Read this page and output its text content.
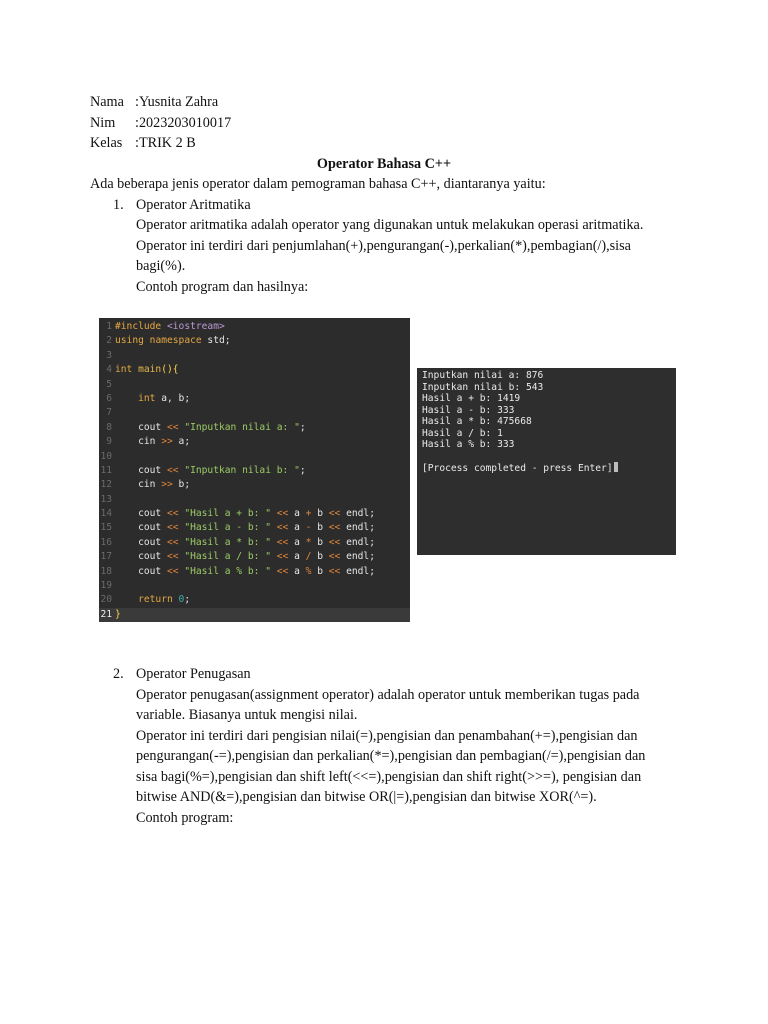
Nama :Yusnita Zahra
Nim :2023203010017
Kelas :TRIK 2 B
Operator Bahasa C++
Ada beberapa jenis operator dalam pemograman bahasa C++, diantaranya yaitu:
1. Operator Aritmatika
Operator aritmatika adalah operator yang digunakan untuk melakukan operasi aritmatika.
Operator ini terdiri dari penjumlahan(+),pengurangan(-),perkalian(*),pembagian(/),sisa
bagi(%).
Contoh program dan hasilnya:
1 #include <iostream>
2 using namespace std;
3
4 int main(){
5
6	int a, b;
7
8    cout << "Inputkan nilai a: ";
9    cin >> a;
10
11    cout << "Inputkan nilai b: ";
12    cin >> b;
13
14    cout << "Hasil a + b: " << a + b << endl;
15    cout << "Hasil a - b: " << a - b << endl;
16    cout << "Hasil a * b: " << a * b << endl;
17    cout << "Hasil a / b: " << a / b << endl;
18    cout << "Hasil a % b: " << a % b << endl;
19
20	return 0;
21 }
Inputkan nilai a: 876
Inputkan nilai b: 543
Hasil a + b: 1419
Hasil a - b: 333
Hasil a * b: 475668
Hasil a / b: 1
Hasil a % b: 333
[Process completed - press Enter]
2. Operator Penugasan
Operator penugasan(assignment operator) adalah operator untuk memberikan tugas pada
variable. Biasanya untuk mengisi nilai.
Operator ini terdiri dari pengisian nilai(=),pengisian dan penambahan(+=),pengisian dan
pengurangan(-=),pengisian dan perkalian(*=),pengisian dan pembagian(/=),pengisian dan
sisa bagi(%=),pengisian dan shift left(<<=),pengisian dan shift right(>>=), pengisian dan
bitwise AND(&=),pengisian dan bitwise OR(|=),pengisian dan bitwise XOR(^=).
Contoh program:
